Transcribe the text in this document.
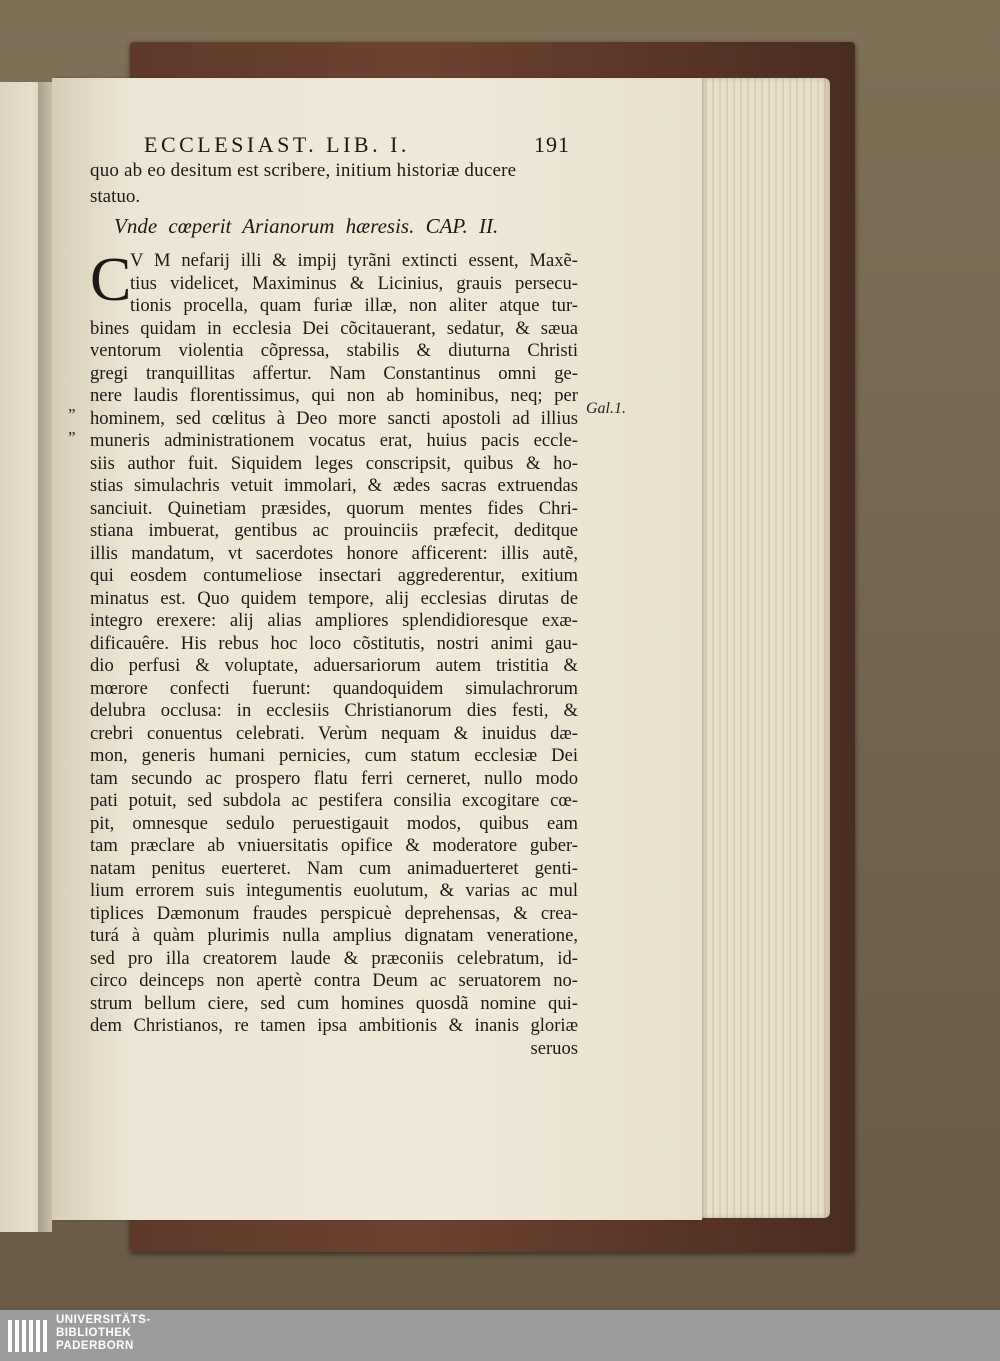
ECCLESIAST. LIB. I.	191
quo ab eo desitum est scribere, initium historiæ ducere
statuo.
Vnde cœperit Arianorum hæresis. CAP. II.
C
V M nefarij illi & impij tyrãni extincti essent, Maxẽ-
tius videlicet, Maximinus & Licinius, grauis persecu-
tionis procella, quam furiæ illæ, non aliter atque tur-
bines quidam in ecclesia Dei cõcitauerant, sedatur, & sæua
ventorum violentia cõpressa, stabilis & diuturna Christi
gregi tranquillitas affertur. Nam Constantinus omni ge-
nere laudis florentissimus, qui non ab hominibus, neq; per
hominem, sed cœlitus à Deo more sancti apostoli ad illius
muneris administrationem vocatus erat, huius pacis eccle-
siis author fuit. Siquidem leges conscripsit, quibus & ho-
stias simulachris vetuit immolari, & ædes sacras extruendas
sanciuit. Quinetiam præsides, quorum mentes fides Chri-
stiana imbuerat, gentibus ac prouinciis præfecit, deditque
illis mandatum, vt sacerdotes honore afficerent: illis autẽ,
qui eosdem contumeliose insectari aggrederentur, exitium
minatus est. Quo quidem tempore, alij ecclesias dirutas de
integro erexere: alij alias ampliores splendidioresque exæ-
dificauêre. His rebus hoc loco cõstitutis, nostri animi gau-
dio perfusi & voluptate, aduersariorum autem tristitia &
mœrore confecti fuerunt: quandoquidem simulachrorum
delubra occlusa: in ecclesiis Christianorum dies festi, &
crebri conuentus celebrati. Verùm nequam & inuidus dæ-
mon, generis humani pernicies, cum statum ecclesiæ Dei
tam secundo ac prospero flatu ferri cerneret, nullo modo
pati potuit, sed subdola ac pestifera consilia excogitare cœ-
pit, omnesque sedulo peruestigauit modos, quibus eam
tam præclare ab vniuersitatis opifice & moderatore guber-
natam penitus euerteret. Nam cum animaduerteret genti-
lium errorem suis integumentis euolutum, & varias ac mul
tiplices Dæmonum fraudes perspicuè deprehensas, & crea-
turá à quàm plurimis nulla amplius dignatam veneratione,
sed pro illa creatorem laude & præconiis celebratum, id-
circo deinceps non apertè contra Deum ac seruatorem no-
strum bellum ciere, sed cum homines quosdã nomine qui-
dem Christianos, re tamen ipsa ambitionis & inanis gloriæ
seruos
„
„
Gal.1.
UNIVERSITÄTS-
BIBLIOTHEK
PADERBORN
